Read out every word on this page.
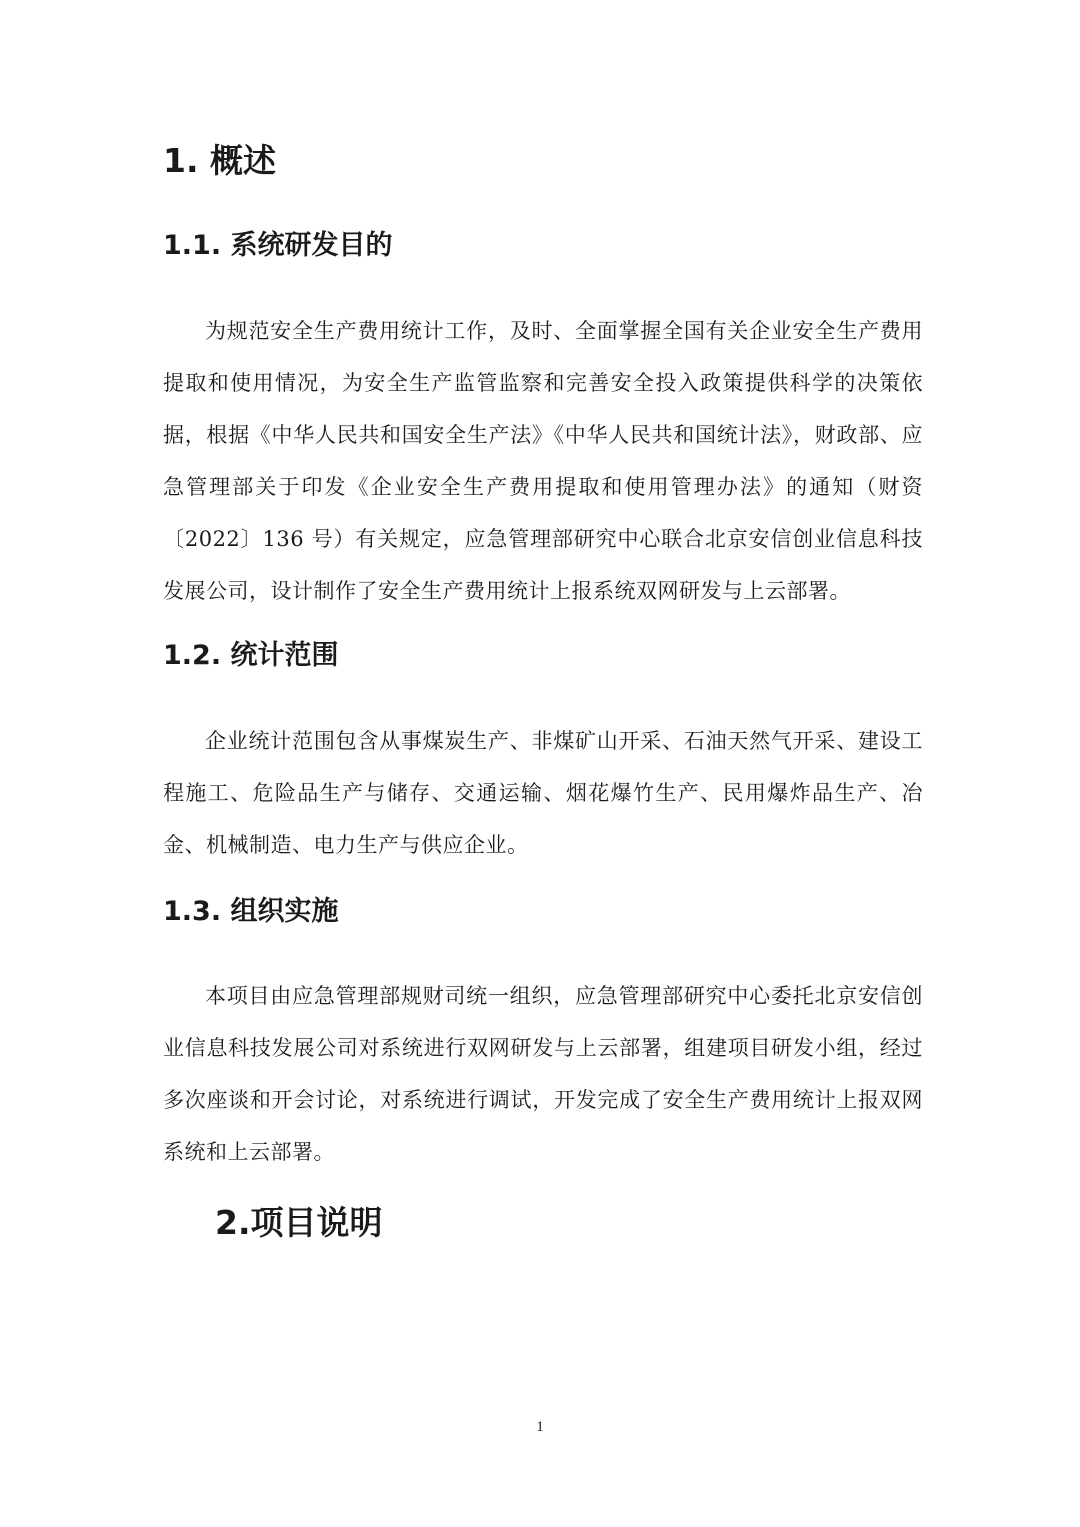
1. 概述
1.1. 系统研发目的

为规范安全生产费用统计工作，及时、全面掌握全国有关企业安全生产费用提取和使用情况，为安全生产监管监察和完善安全投入政策提供科学的决策依据，根据《中华人民共和国安全生产法》《中华人民共和国统计法》，财政部、应急管理部关于印发《企业安全生产费用提取和使用管理办法》的通知（财资〔2022〕136 号）有关规定，应急管理部研究中心联合北京安信创业信息科技发展公司，设计制作了安全生产费用统计上报系统双网研发与上云部署。

1.2. 统计范围

企业统计范围包含从事煤炭生产、非煤矿山开采、石油天然气开采、建设工程施工、危险品生产与储存、交通运输、烟花爆竹生产、民用爆炸品生产、冶金、机械制造、电力生产与供应企业。

1.3. 组织实施

本项目由应急管理部规财司统一组织，应急管理部研究中心委托北京安信创业信息科技发展公司对系统进行双网研发与上云部署，组建项目研发小组，经过多次座谈和开会讨论，对系统进行调试，开发完成了安全生产费用统计上报双网系统和上云部署。

2.项目说明
1
